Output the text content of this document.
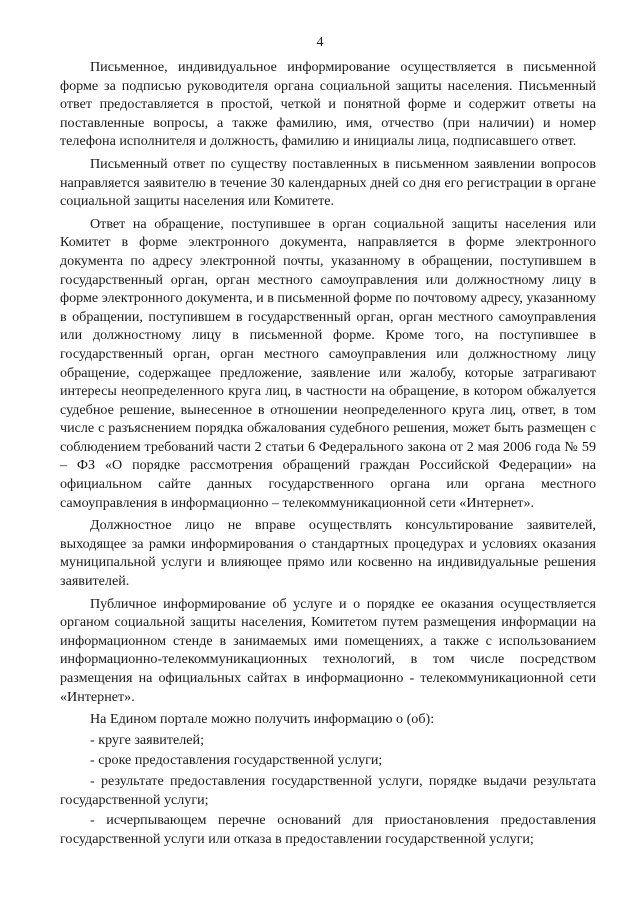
4

Письменное, индивидуальное информирование осуществляется в письменной форме за подписью руководителя органа социальной защиты населения. Письменный ответ предоставляется в простой, четкой и понятной форме и содержит ответы на поставленные вопросы, а также фамилию, имя, отчество (при наличии) и номер телефона исполнителя и должность, фамилию и инициалы лица, подписавшего ответ.

Письменный ответ по существу поставленных в письменном заявлении вопросов направляется заявителю в течение 30 календарных дней со дня его регистрации в органе социальной защиты населения или Комитете.

Ответ на обращение, поступившее в орган социальной защиты населения или Комитет в форме электронного документа, направляется в форме электронного документа по адресу электронной почты, указанному в обращении, поступившем в государственный орган, орган местного самоуправления или должностному лицу в форме электронного документа, и в письменной форме по почтовому адресу, указанному в обращении, поступившем в государственный орган, орган местного самоуправления или должностному лицу в письменной форме. Кроме того, на поступившее в государственный орган, орган местного самоуправления или должностному лицу обращение, содержащее предложение, заявление или жалобу, которые затрагивают интересы неопределенного круга лиц, в частности на обращение, в котором обжалуется судебное решение, вынесенное в отношении неопределенного круга лиц, ответ, в том числе с разъяснением порядка обжалования судебного решения, может быть размещен с соблюдением требований части 2 статьи 6 Федерального закона от 2 мая 2006 года № 59 – ФЗ «О порядке рассмотрения обращений граждан Российской Федерации» на официальном сайте данных государственного органа или органа местного самоуправления в информационно – телекоммуникационной сети «Интернет».

Должностное лицо не вправе осуществлять консультирование заявителей, выходящее за рамки информирования о стандартных процедурах и условиях оказания муниципальной услуги и влияющее прямо или косвенно на индивидуальные решения заявителей.

Публичное информирование об услуге и о порядке ее оказания осуществляется органом социальной защиты населения, Комитетом путем размещения информации на информационном стенде в занимаемых ими помещениях, а также с использованием информационно-телекоммуникационных технологий, в том числе посредством размещения на официальных сайтах в информационно - телекоммуникационной сети «Интернет».

На Едином портале можно получить информацию о (об):
- круге заявителей;
- сроке предоставления государственной услуги;
- результате предоставления государственной услуги, порядке выдачи результата государственной услуги;
- исчерпывающем перечне оснований для приостановления предоставления государственной услуги или отказа в предоставлении государственной услуги;
